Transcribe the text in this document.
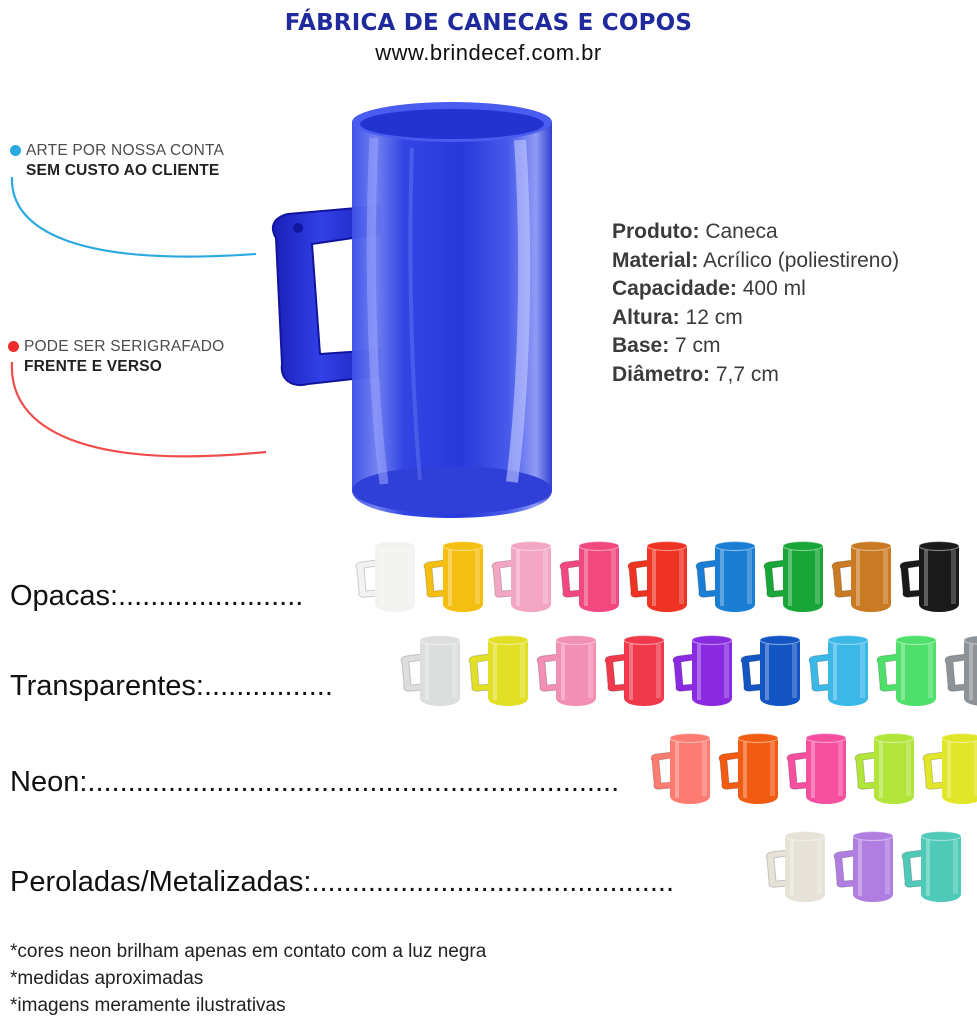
FÁBRICA DE CANECAS E COPOS
www.brindecef.com.br
ARTE POR NOSSA CONTA
SEM CUSTO AO CLIENTE
PODE SER SERIGRAFADO
FRENTE E VERSO
Produto: Caneca
Material: Acrílico (poliestireno)
Capacidade: 400 ml
Altura: 12 cm
Base: 7 cm
Diâmetro: 7,7 cm
Opacas:.......................
Transparentes:................
Neon:..................................................................
Peroladas/Metalizadas:.............................................
*cores neon brilham apenas em contato com a luz negra
*medidas aproximadas
*imagens meramente ilustrativas
